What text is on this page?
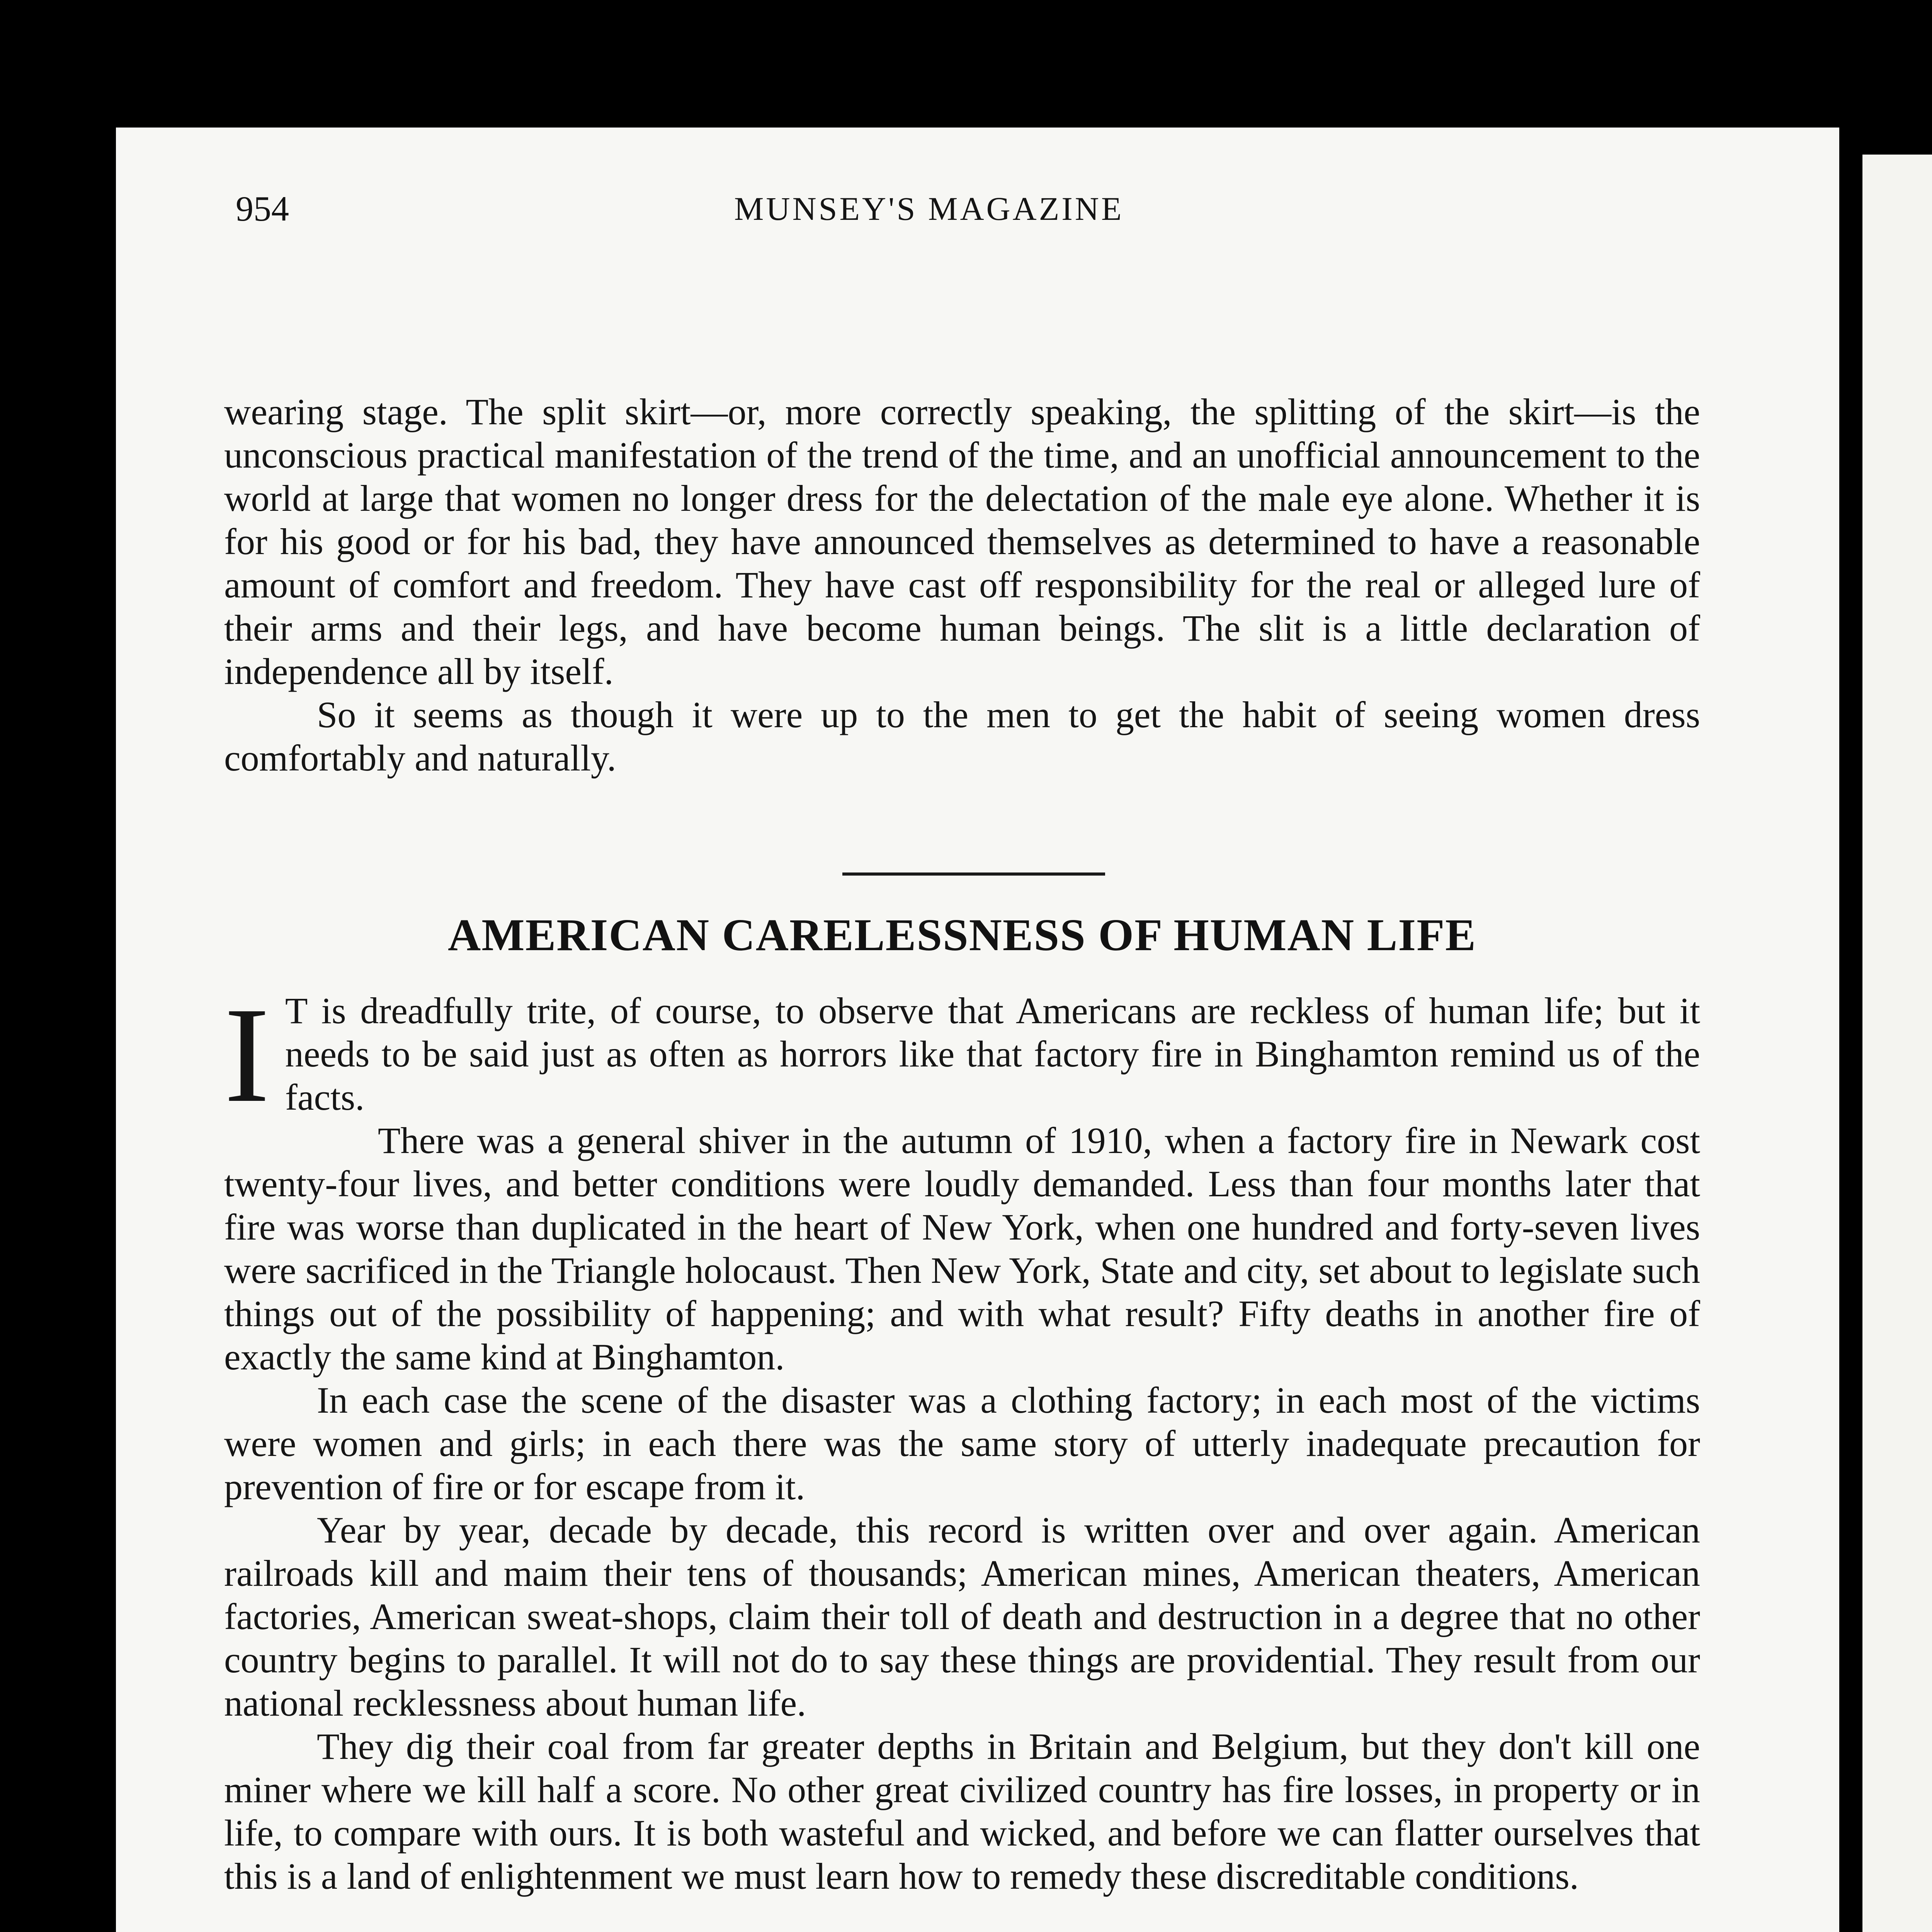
954	MUNSEY'S MAGAZINE

wearing stage. The split skirt—or, more correctly speaking, the splitting of the skirt—is the unconscious practical manifestation of the trend of the time, and an unofficial announcement to the world at large that women no longer dress for the delectation of the male eye alone. Whether it is for his good or for his bad, they have announced themselves as determined to have a reasonable amount of comfort and freedom. They have cast off responsibility for the real or alleged lure of their arms and their legs, and have become human beings. The slit is a little declaration of independence all by itself.

So it seems as though it were up to the men to get the habit of seeing women dress comfortably and naturally.

AMERICAN CARELESSNESS OF HUMAN LIFE

I T is dreadfully trite, of course, to observe that Americans are reckless of human life; but it needs to be said just as often as horrors like that factory fire in Binghamton remind us of the facts.

There was a general shiver in the autumn of 1910, when a factory fire in Newark cost twenty-four lives, and better conditions were loudly demanded. Less than four months later that fire was worse than duplicated in the heart of New York, when one hundred and forty-seven lives were sacrificed in the Triangle holocaust. Then New York, State and city, set about to legislate such things out of the possibility of happening; and with what result? Fifty deaths in another fire of exactly the same kind at Binghamton.

In each case the scene of the disaster was a clothing factory; in each most of the victims were women and girls; in each there was the same story of utterly inadequate precaution for prevention of fire or for escape from it.

Year by year, decade by decade, this record is written over and over again. American railroads kill and maim their tens of thousands; American mines, American theaters, American factories, American sweat-shops, claim their toll of death and destruction in a degree that no other country begins to parallel. It will not do to say these things are providential. They result from our national recklessness about human life.

They dig their coal from far greater depths in Britain and Belgium, but they don't kill one miner where we kill half a score. No other great civilized country has fire losses, in property or in life, to compare with ours. It is both wasteful and wicked, and before we can flatter ourselves that this is a land of enlightenment we must learn how to remedy these discreditable conditions.
